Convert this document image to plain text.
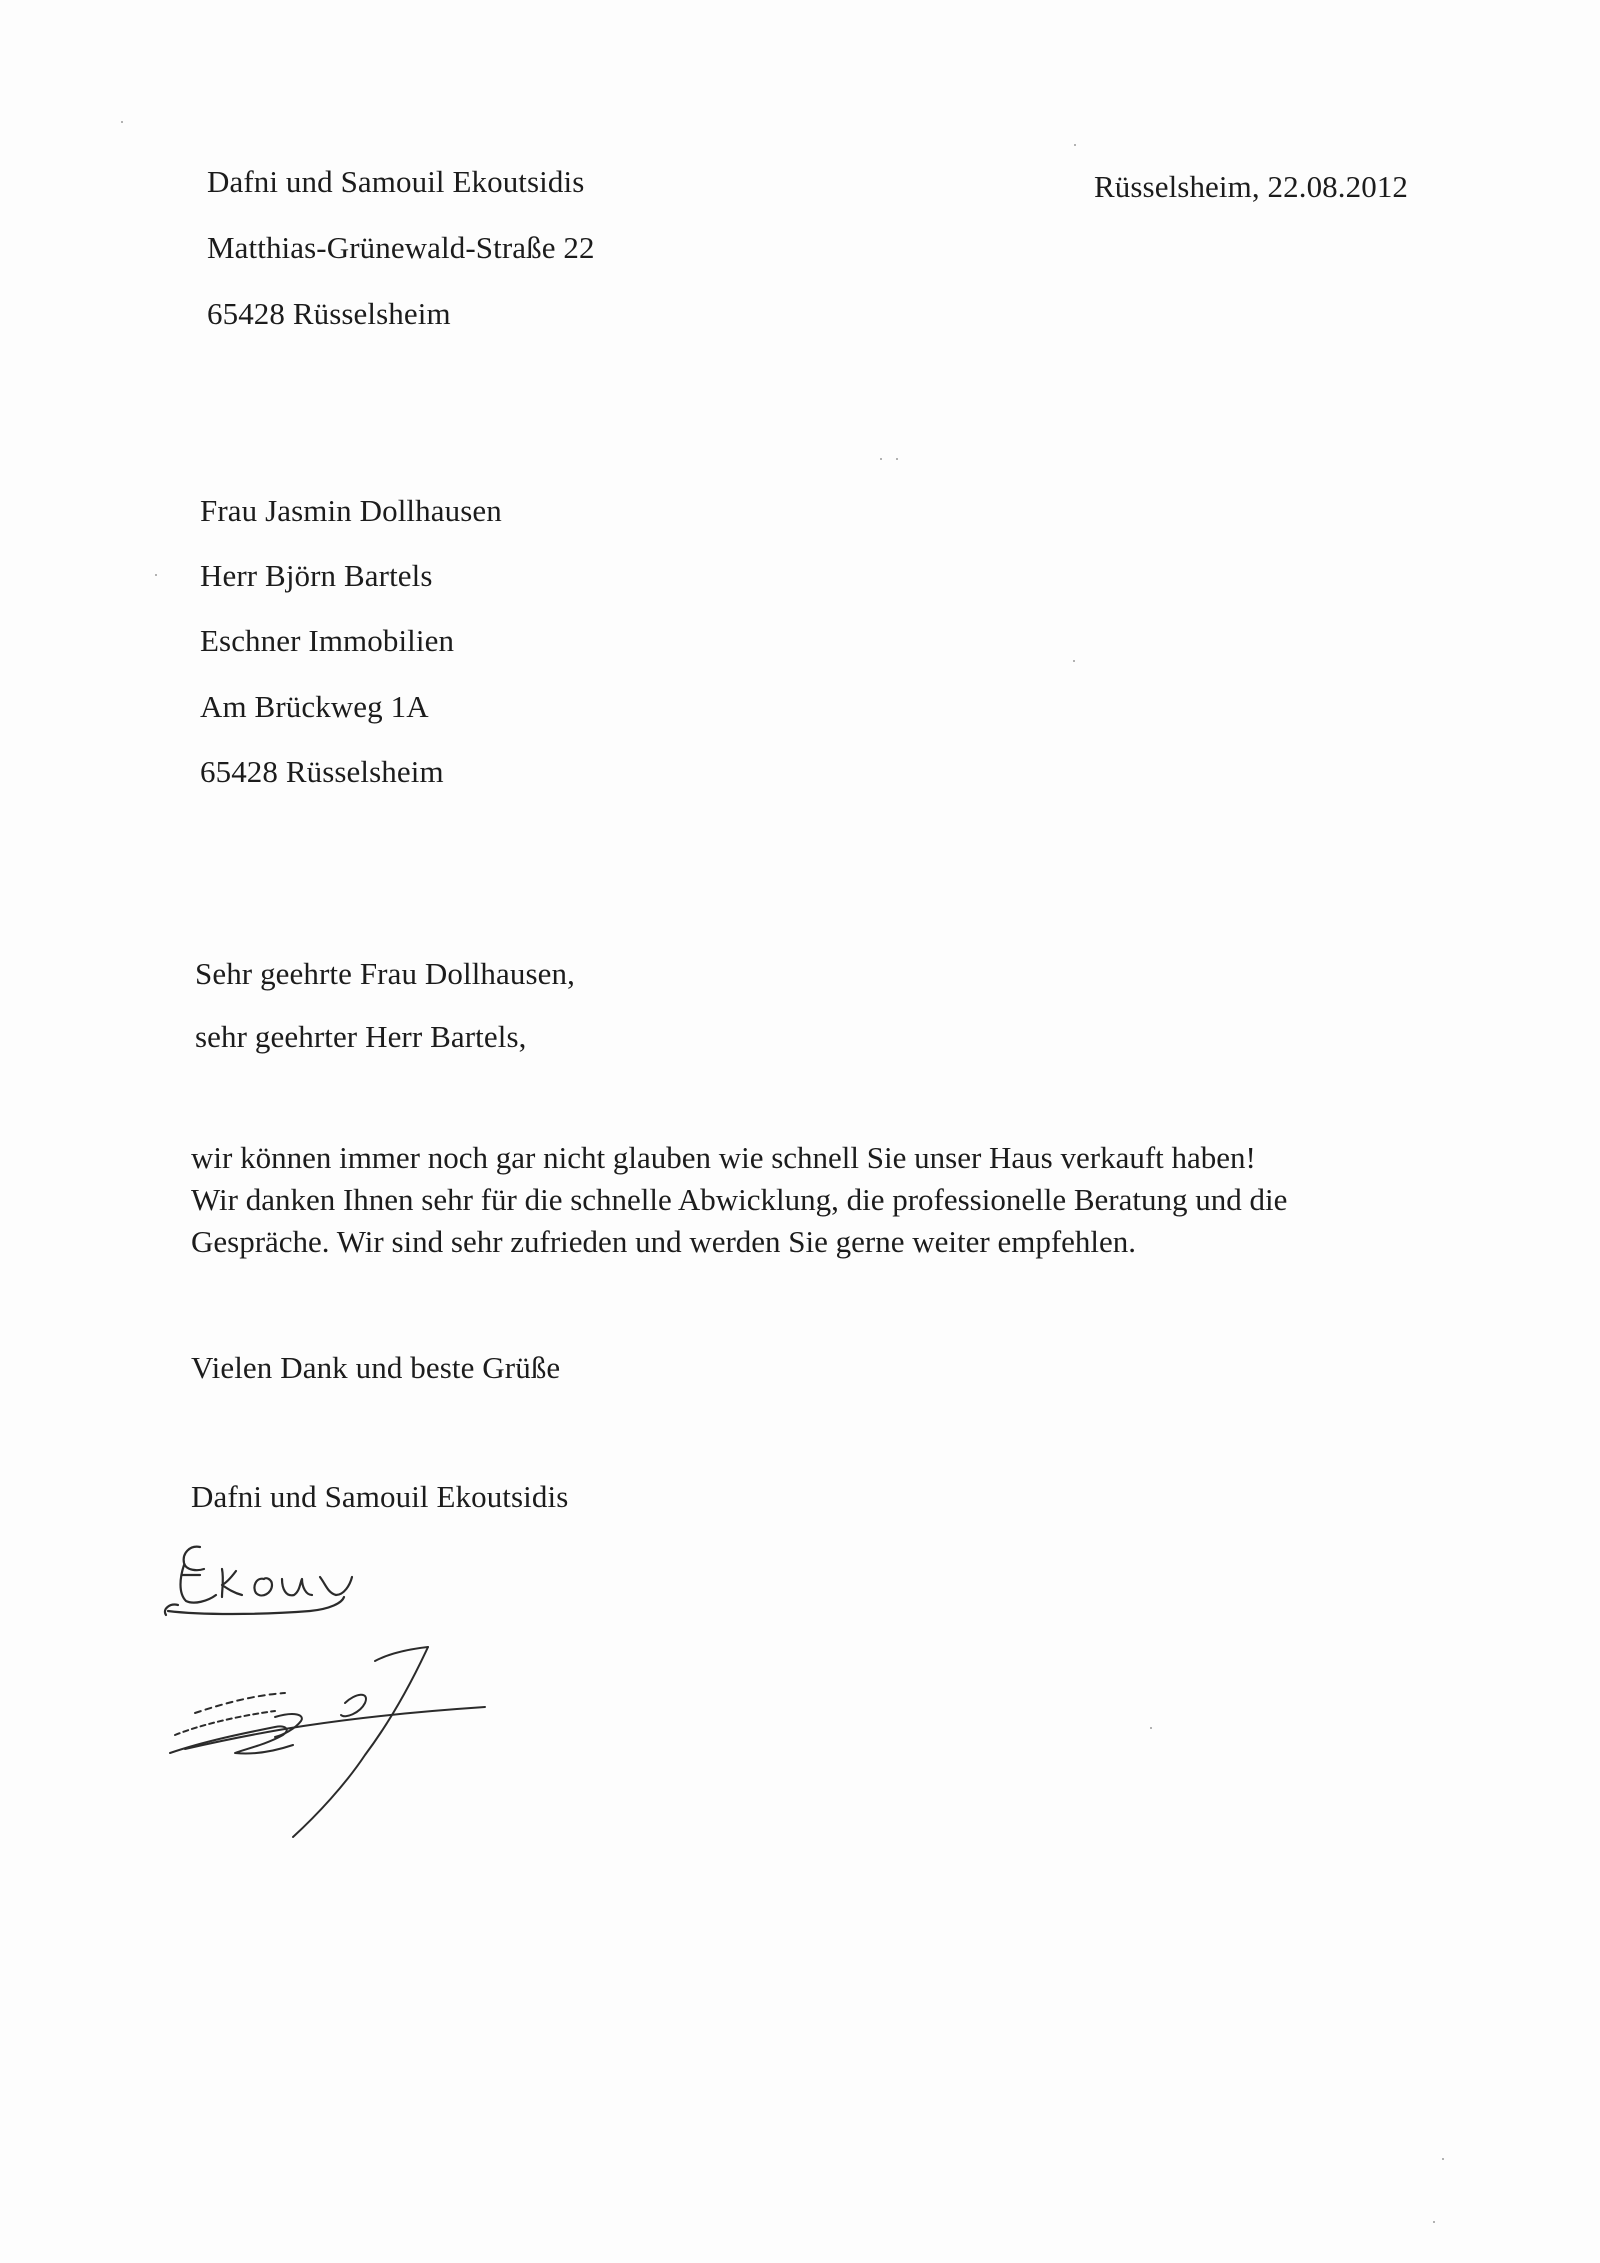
Dafni und Samouil Ekoutsidis
Matthias-Grünewald-Straße 22
65428 Rüsselsheim
Rüsselsheim, 22.08.2012
Frau Jasmin Dollhausen
Herr Björn Bartels
Eschner Immobilien
Am Brückweg 1A
65428 Rüsselsheim
Sehr geehrte Frau Dollhausen,
sehr geehrter Herr Bartels,
wir können immer noch gar nicht glauben wie schnell Sie unser Haus verkauft haben!
Wir danken Ihnen sehr für die schnelle Abwicklung, die professionelle Beratung und die
Gespräche. Wir sind sehr zufrieden und werden Sie gerne weiter empfehlen.
Vielen Dank und beste Grüße
Dafni und Samouil Ekoutsidis
